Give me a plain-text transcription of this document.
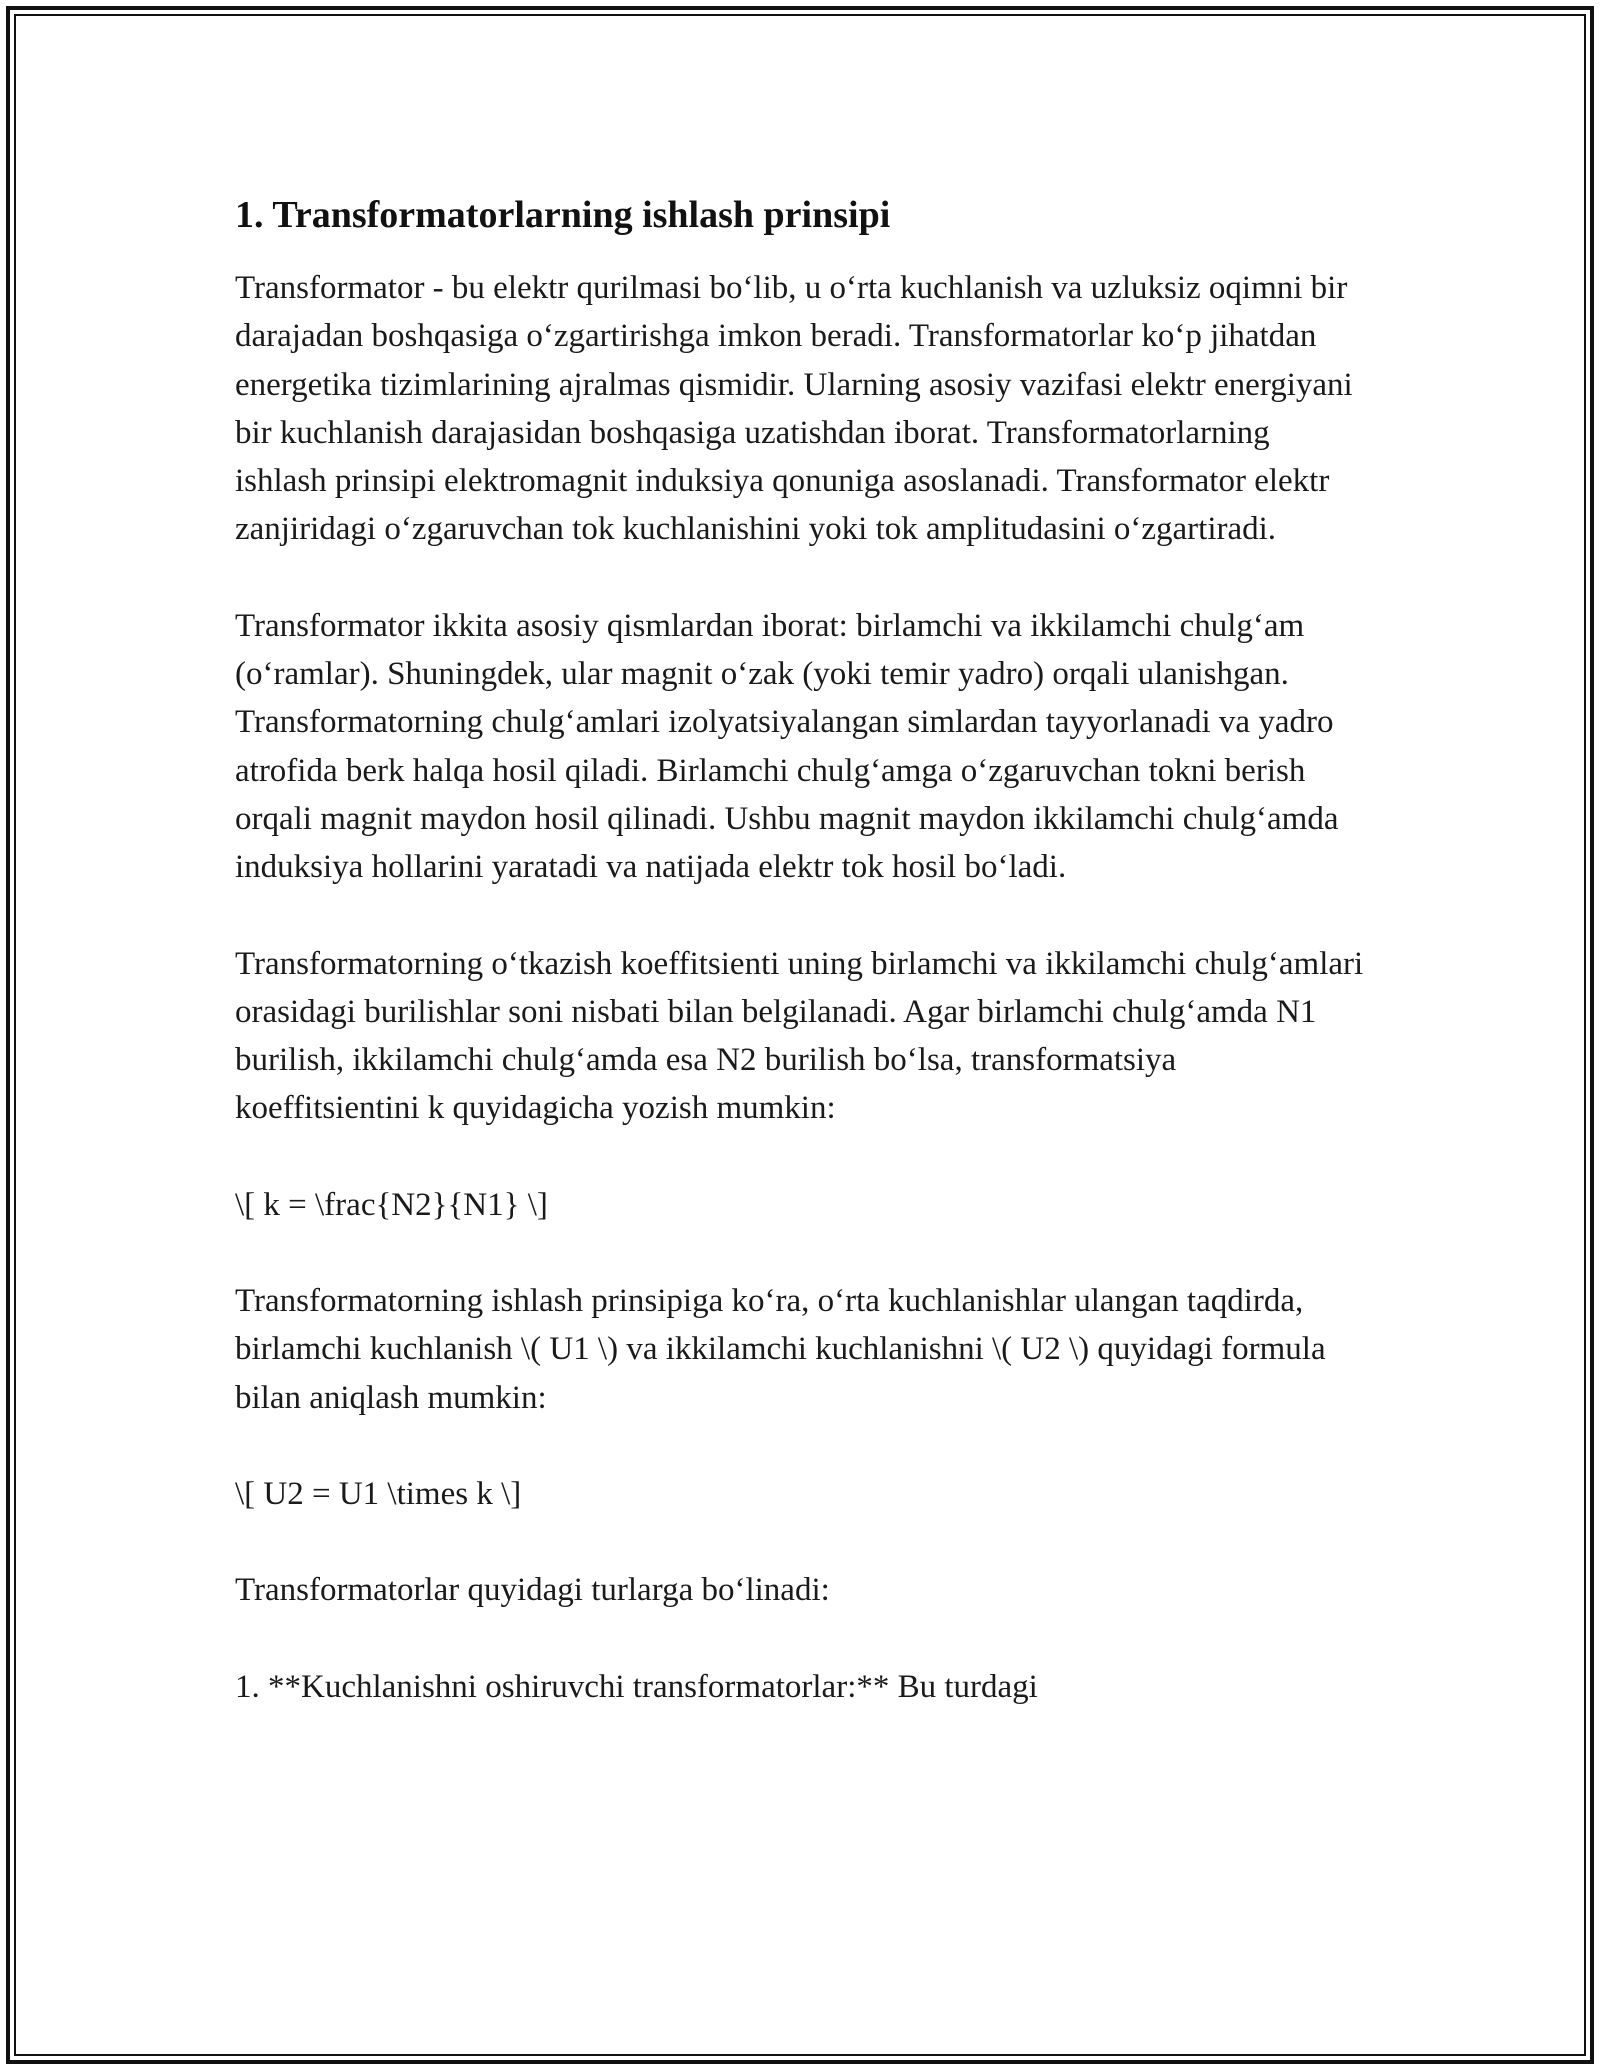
1. Transformatorlarning ishlash prinsipi

Transformator - bu elektr qurilmasi bo‘lib, u o‘rta kuchlanish va uzluksiz oqimni bir darajadan boshqasiga o‘zgartirishga imkon beradi. Transformatorlar ko‘p jihatdan energetika tizimlarining ajralmas qismidir. Ularning asosiy vazifasi elektr energiyani bir kuchlanish darajasidan boshqasiga uzatishdan iborat. Transformatorlarning ishlash prinsipi elektromagnit induksiya qonuniga asoslanadi. Transformator elektr zanjiridagi o‘zgaruvchan tok kuchlanishini yoki tok amplitudasini o‘zgartiradi.

Transformator ikkita asosiy qismlardan iborat: birlamchi va ikkilamchi chulg‘am (o‘ramlar). Shuningdek, ular magnit o‘zak (yoki temir yadro) orqali ulanishgan. Transformatorning chulg‘amlari izolyatsiyalangan simlardan tayyorlanadi va yadro atrofida berk halqa hosil qiladi. Birlamchi chulg‘amga o‘zgaruvchan tokni berish orqali magnit maydon hosil qilinadi. Ushbu magnit maydon ikkilamchi chulg‘amda induksiya hollarini yaratadi va natijada elektr tok hosil bo‘ladi.

Transformatorning o‘tkazish koeffitsienti uning birlamchi va ikkilamchi chulg‘amlari orasidagi burilishlar soni nisbati bilan belgilanadi. Agar birlamchi chulg‘amda N1 burilish, ikkilamchi chulg‘amda esa N2 burilish bo‘lsa, transformatsiya koeffitsientini k quyidagicha yozish mumkin:

\[ k = \frac{N2}{N1} \]

Transformatorning ishlash prinsipiga ko‘ra, o‘rta kuchlanishlar ulangan taqdirda, birlamchi kuchlanish \( U1 \) va ikkilamchi kuchlanishni \( U2 \) quyidagi formula bilan aniqlash mumkin:

\[ U2 = U1 \times k \]

Transformatorlar quyidagi turlarga bo‘linadi:

1. **Kuchlanishni oshiruvchi transformatorlar:** Bu turdagi
